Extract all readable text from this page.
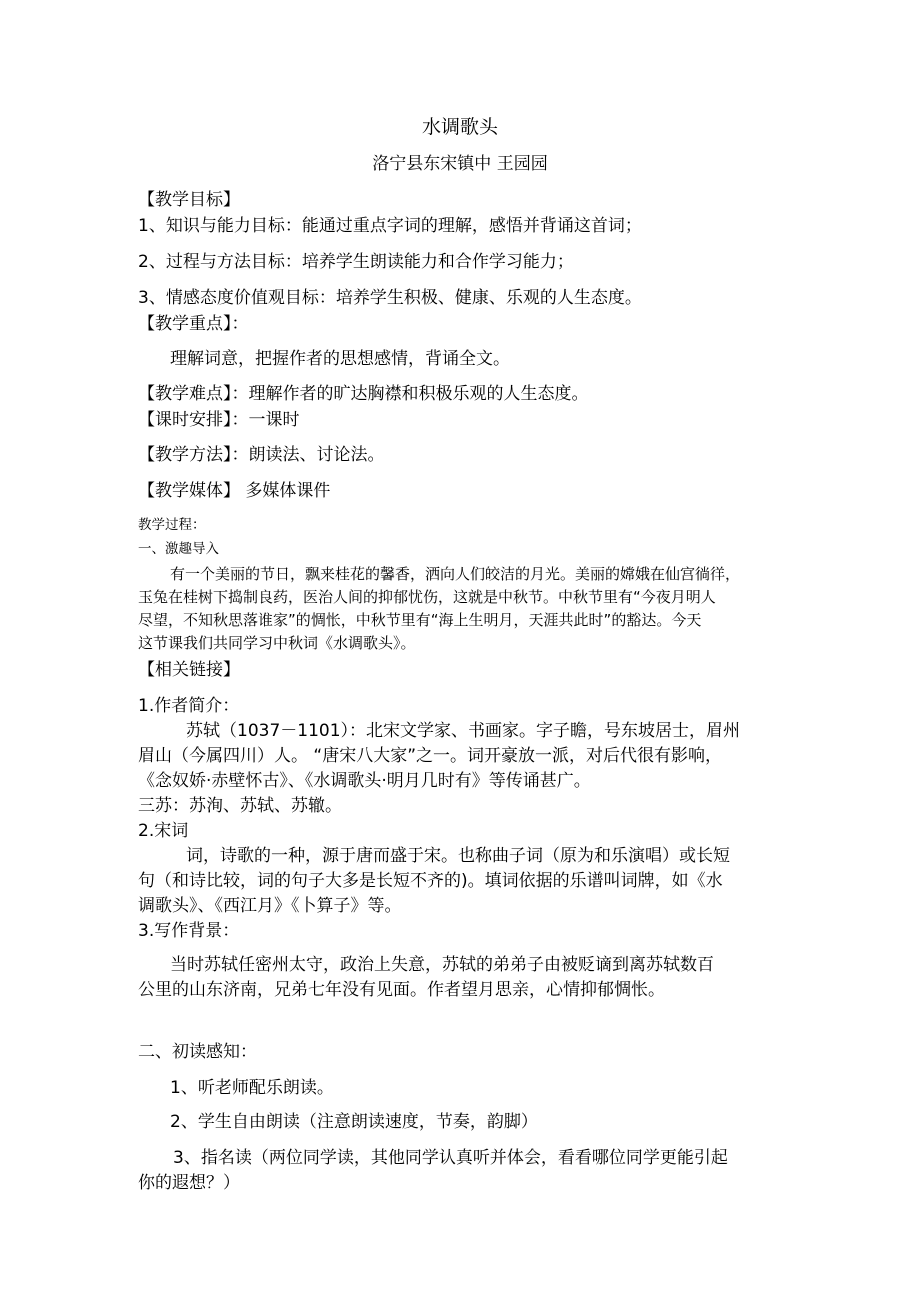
水调歌头
洛宁县东宋镇中 王园园
【教学目标】
1、知识与能力目标：能通过重点字词的理解，感悟并背诵这首词；
2、过程与方法目标：培养学生朗读能力和合作学习能力；
3、情感态度价值观目标：培养学生积极、健康、乐观的人生态度。
【教学重点】：
理解词意，把握作者的思想感情，背诵全文。
【教学难点】：理解作者的旷达胸襟和积极乐观的人生态度。
【课时安排】：一课时
【教学方法】：朗读法、讨论法。
【教学媒体】 多媒体课件
教学过程：
一、激趣导入
有一个美丽的节日，飘来桂花的馨香，洒向人们皎洁的月光。美丽的嫦娥在仙宫徜徉，
玉兔在桂树下捣制良药，医治人间的抑郁忧伤，这就是中秋节。中秋节里有“今夜月明人
尽望，不知秋思落谁家”的惆怅，中秋节里有“海上生明月，天涯共此时”的豁达。今天
这节课我们共同学习中秋词《水调歌头》。
【相关链接】
1.作者简介：
苏轼（1037－1101）：北宋文学家、书画家。字子瞻，号东坡居士，眉州
眉山（今属四川）人。 “唐宋八大家”之一。词开豪放一派，对后代很有影响，
《念奴娇·赤壁怀古》、《水调歌头·明月几时有》等传诵甚广。
三苏：苏洵、苏轼、苏辙。
2.宋词
词，诗歌的一种，源于唐而盛于宋。也称曲子词（原为和乐演唱）或长短
句（和诗比较，词的句子大多是长短不齐的)。填词依据的乐谱叫词牌，如《水
调歌头》、《西江月》《卜算子》等。
3.写作背景：
当时苏轼任密州太守，政治上失意，苏轼的弟弟子由被贬谪到离苏轼数百
公里的山东济南，兄弟七年没有见面。作者望月思亲，心情抑郁惆怅。
二、初读感知：
1、听老师配乐朗读。
2、学生自由朗读（注意朗读速度，节奏，韵脚）
3、指名读（两位同学读，其他同学认真听并体会，看看哪位同学更能引起
你的遐想？）
